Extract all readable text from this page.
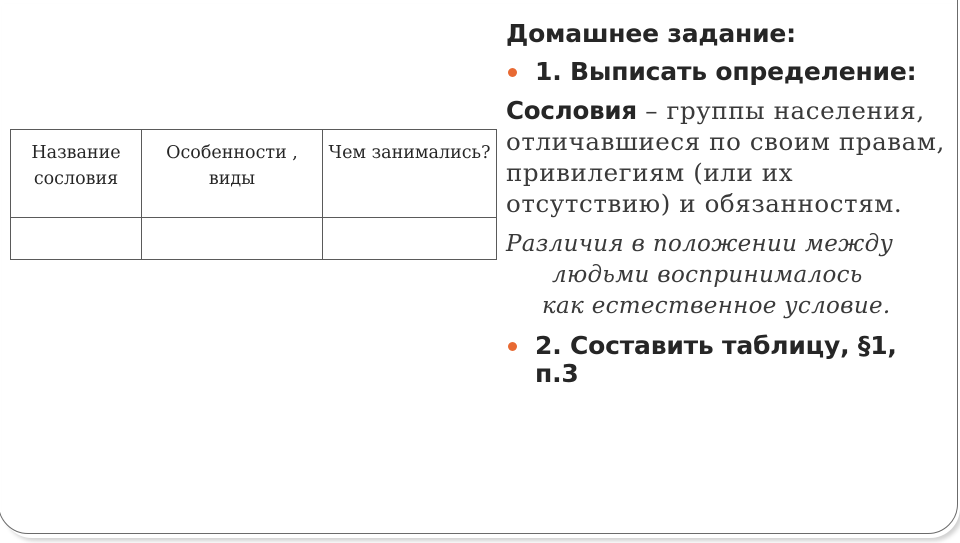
Название сословия	Особенности , виды	Чем занимались?

Домашнее задание:

1. Выписать определение:
Сословия – группы населения, отличавшиеся по своим правам, привилегиям (или их отсутствию) и обязанностям.
Различия в положении между
людьми воспринималось
как естественное условие.
2. Составить таблицу, §1, п.3
